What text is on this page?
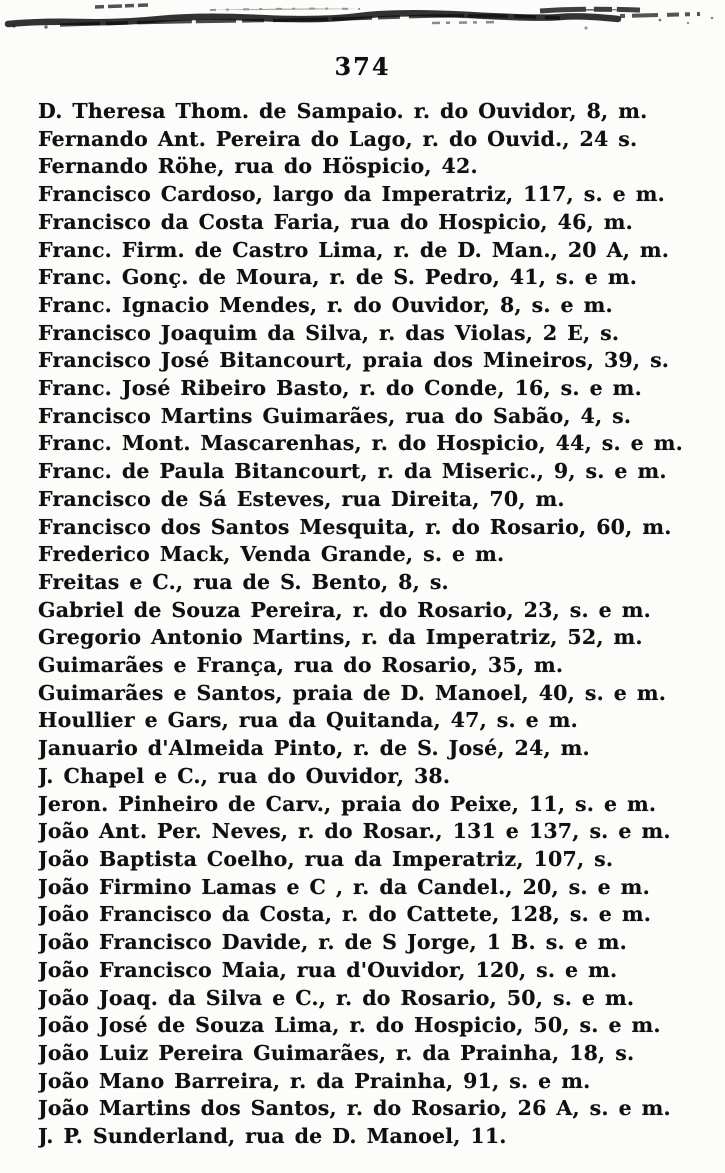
374
D. Theresa Thom. de Sampaio. r. do Ouvidor, 8, m.
Fernando Ant. Pereira do Lago, r. do Ouvid., 24 s.
Fernando Röhe, rua do Höspicio, 42.
Francisco Cardoso, largo da Imperatriz, 117, s. e m.
Francisco da Costa Faria, rua do Hospicio, 46, m.
Franc. Firm. de Castro Lima, r. de D. Man., 20 A, m.
Franc. Gonç. de Moura, r. de S. Pedro, 41, s. e m.
Franc. Ignacio Mendes, r. do Ouvidor, 8, s. e m.
Francisco Joaquim da Silva, r. das Violas, 2 E, s.
Francisco José Bitancourt, praia dos Mineiros, 39, s.
Franc. José Ribeiro Basto, r. do Conde, 16, s. e m.
Francisco Martins Guimarães, rua do Sabão, 4, s.
Franc. Mont. Mascarenhas, r. do Hospicio, 44, s. e m.
Franc. de Paula Bitancourt, r. da Miseric., 9, s. e m.
Francisco de Sá Esteves, rua Direita, 70, m.
Francisco dos Santos Mesquita, r. do Rosario, 60, m.
Frederico Mack, Venda Grande, s. e m.
Freitas e C., rua de S. Bento, 8, s.
Gabriel de Souza Pereira, r. do Rosario, 23, s. e m.
Gregorio Antonio Martins, r. da Imperatriz, 52, m.
Guimarães e França, rua do Rosario, 35, m.
Guimarães e Santos, praia de D. Manoel, 40, s. e m.
Houllier e Gars, rua da Quitanda, 47, s. e m.
Januario d'Almeida Pinto, r. de S. José, 24, m.
J. Chapel e C., rua do Ouvidor, 38.
Jeron. Pinheiro de Carv., praia do Peixe, 11, s. e m.
João Ant. Per. Neves, r. do Rosar., 131 e 137, s. e m.
João Baptista Coelho, rua da Imperatriz, 107, s.
João Firmino Lamas e C , r. da Candel., 20, s. e m.
João Francisco da Costa, r. do Cattete, 128, s. e m.
João Francisco Davide, r. de S Jorge, 1 B. s. e m.
João Francisco Maia, rua d'Ouvidor, 120, s. e m.
João Joaq. da Silva e C., r. do Rosario, 50, s. e m.
João José de Souza Lima, r. do Hospicio, 50, s. e m.
João Luiz Pereira Guimarães, r. da Prainha, 18, s.
João Mano Barreira, r. da Prainha, 91, s. e m.
João Martins dos Santos, r. do Rosario, 26 A, s. e m.
J. P. Sunderland, rua de D. Manoel, 11.
